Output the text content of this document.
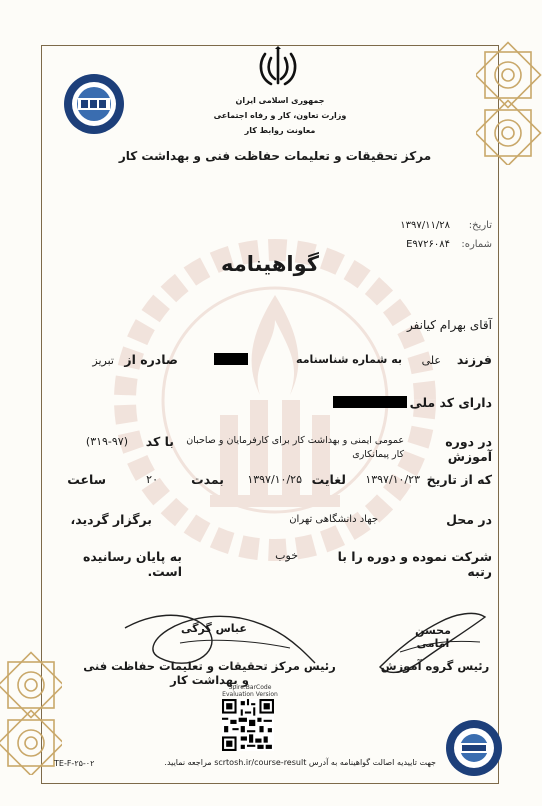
جمهوری اسلامی ایران
وزارت تعاون، کار و رفاه اجتماعی
معاونت روابط کار
مرکز تحقیقات و تعلیمات حفاظت فنی و بهداشت کار
تاریخ:
۱۳۹۷/۱۱/۲۸
شماره:
E۹۷۲۶۰۸۴
گواهینامه
آقای بهرام کیانفر
فرزند
علی
به شماره شناسنامه
صادره از
تبریز
دارای کد ملی
در دوره آموزش
عمومی ایمنی و بهداشت کار برای کارفرمایان و صاحبان کار پیمانکاری
با کد
(۳۱۹-۹۷)
که از تاریخ
۱۳۹۷/۱۰/۲۳
لغایت
۱۳۹۷/۱۰/۲۵
بمدت
۲۰
ساعت
در محل
جهاد دانشگاهی تهران
برگزار گردید،
شرکت نموده و دوره را با رتبه
خوب
به پایان رسانیده است.
عباس گرگی
رئیس مرکز تحقیقات و تعلیمات حفاظت فنی و بهداشت کار
محسن امامی
رئیس گروه آموزش
Spire.BarCode
Evaluation Version
جهت تاییدیه اصالت گواهینامه به آدرس scrtosh.ir/course-result مراجعه نمایید.
TE-F-۲۵-۰۲
